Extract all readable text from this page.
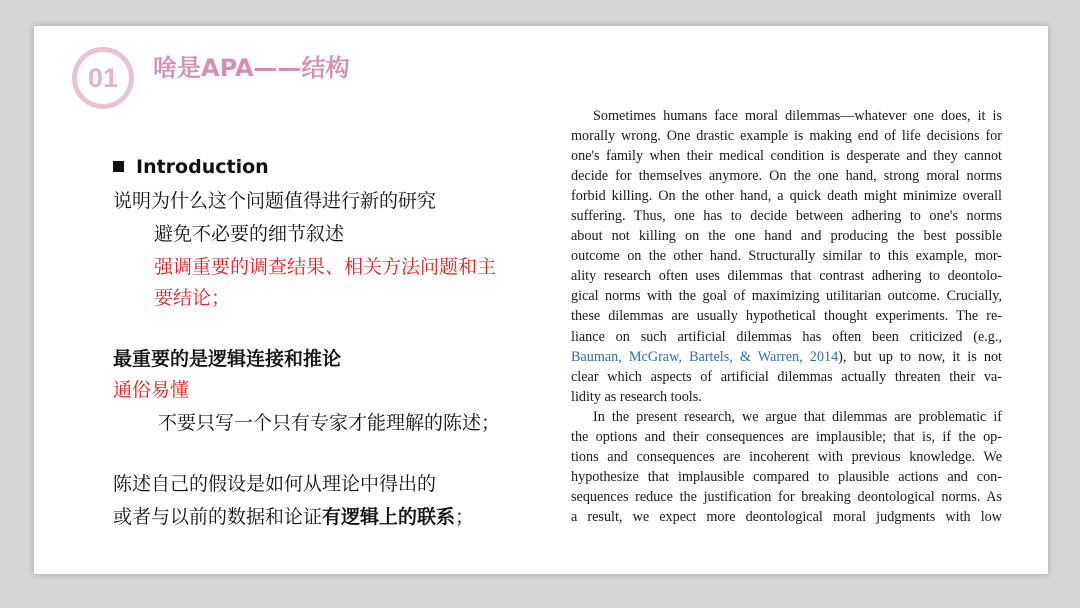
01	啥是APA——结构
Introduction
说明为什么这个问题值得进行新的研究
避免不必要的细节叙述
强调重要的调查结果、相关方法问题和主
要结论；
最重要的是逻辑连接和推论
通俗易懂
不要只写一个只有专家才能理解的陈述；
陈述自己的假设是如何从理论中得出的
或者与以前的数据和论证有逻辑上的联系；
Sometimes humans face moral dilemmas—whatever one does, it is
morally wrong. One drastic example is making end of life decisions for
one's family when their medical condition is desperate and they cannot
decide for themselves anymore. On the one hand, strong moral norms
forbid killing. On the other hand, a quick death might minimize overall
suffering. Thus, one has to decide between adhering to one's norms
about not killing on the one hand and producing the best possible
outcome on the other hand. Structurally similar to this example, mor-
ality research often uses dilemmas that contrast adhering to deontolo-
gical norms with the goal of maximizing utilitarian outcome. Crucially,
these dilemmas are usually hypothetical thought experiments. The re-
liance on such artificial dilemmas has often been criticized (e.g.,
Bauman, McGraw, Bartels, & Warren, 2014), but up to now, it is not
clear which aspects of artificial dilemmas actually threaten their va-
lidity as research tools.
In the present research, we argue that dilemmas are problematic if
the options and their consequences are implausible; that is, if the op-
tions and consequences are incoherent with previous knowledge. We
hypothesize that implausible compared to plausible actions and con-
sequences reduce the justification for breaking deontological norms. As
a result, we expect more deontological moral judgments with low
